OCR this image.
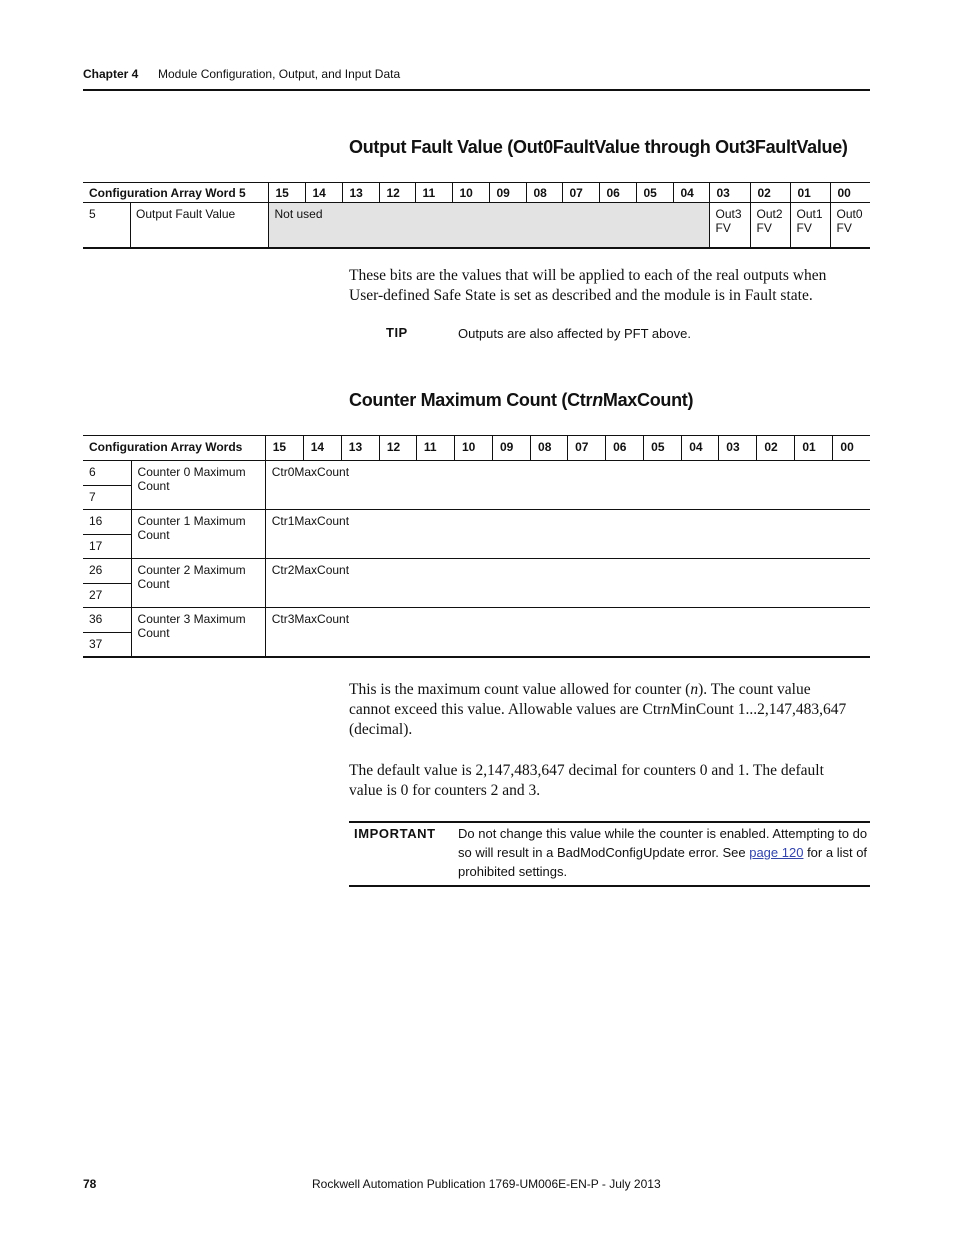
Chapter 4 Module Configuration, Output, and Input Data
Output Fault Value (Out0FaultValue through Out3FaultValue)
Configuration Array Word 5	15	14	13	12	11	10	09	08	07	06	05	04	03	02	01	00

5 Output Fault Value	Not used												Out3 FV	Out2 FV	Out1 FV	Out0 FV
These bits are the values that will be applied to each of the real outputs when User-defined Safe State is set as described and the module is in Fault state.
TIP	Outputs are also affected by PFT above.
Counter Maximum Count (CtrnMaxCount)
Configuration Array Words		15	14	13	12	11	10	09	08	07	06	05	04	03	02	01	00
6	Counter 0 Maximum Count	Ctr0MaxCount															
7																	
16	Counter 1 Maximum Count	Ctr1MaxCount															
17																	
26	Counter 2 Maximum Count	Ctr2MaxCount															
27																	
36	Counter 3 Maximum Count	Ctr3MaxCount															
37																	
This is the maximum count value allowed for counter (n). The count value cannot exceed this value. Allowable values are CtrnMinCount 1...2,147,483,647 (decimal).
The default value is 2,147,483,647 decimal for counters 0 and 1. The default value is 0 for counters 2 and 3.
IMPORTANT Do not change this value while the counter is enabled. Attempting to do so will result in a BadModConfigUpdate error. See page 120 for a list of prohibited settings.
78	Rockwell Automation Publication 1769-UM006E-EN-P - July 2013
